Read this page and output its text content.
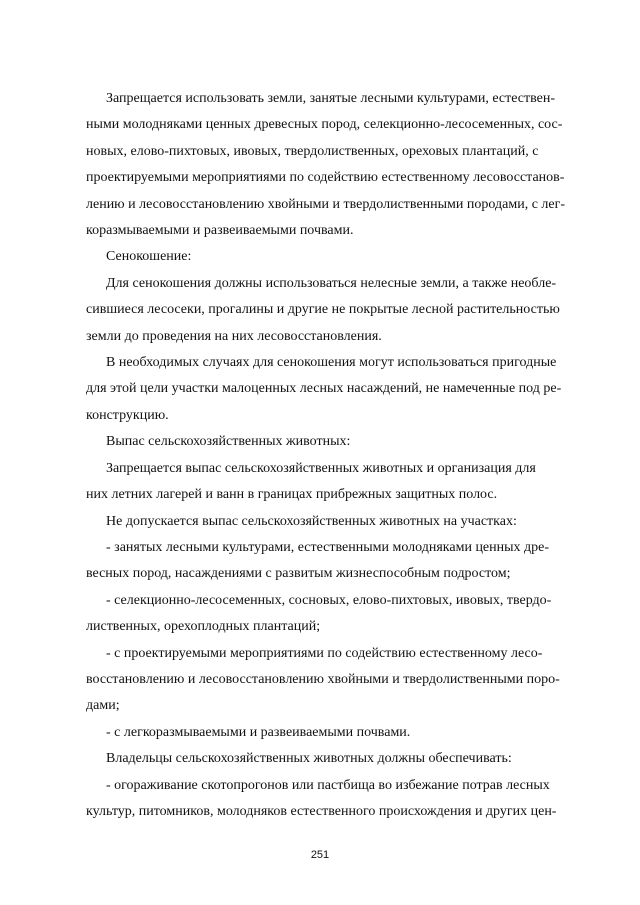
Запрещается использовать земли, занятые лесными культурами, естествен-
ными молодняками ценных древесных пород, селекционно-лесосеменных, сос-
новых, елово-пихтовых, ивовых, твердолиственных, ореховых плантаций, с
проектируемыми мероприятиями по содействию естественному лесовосстанов-
лению и лесовосстановлению хвойными и твердолиственными породами, с лег-
коразмываемыми и развеиваемыми почвами.

Сенокошение:

Для сенокошения должны использоваться нелесные земли, а также необле-
сившиеся лесосеки, прогалины и другие не покрытые лесной растительностью
земли до проведения на них лесовосстановления.

В необходимых случаях для сенокошения могут использоваться пригодные
для этой цели участки малоценных лесных насаждений, не намеченные под ре-
конструкцию.

Выпас сельскохозяйственных животных:

Запрещается выпас сельскохозяйственных животных и организация для
них летних лагерей и ванн в границах прибрежных защитных полос.

Не допускается выпас сельскохозяйственных животных на участках:

- занятых лесными культурами, естественными молодняками ценных дре-
весных пород, насаждениями с развитым жизнеспособным подростом;

- селекционно-лесосеменных, сосновых, елово-пихтовых, ивовых, твердо-
лиственных, орехоплодных плантаций;

- с проектируемыми мероприятиями по содействию естественному лесо-
восстановлению и лесовосстановлению хвойными и твердолиственными поро-
дами;

- с легкоразмываемыми и развеиваемыми почвами.

Владельцы сельскохозяйственных животных должны обеспечивать:

- огораживание скотопрогонов или пастбища во избежание потрав лесных
культур, питомников, молодняков естественного происхождения и других цен-

251
